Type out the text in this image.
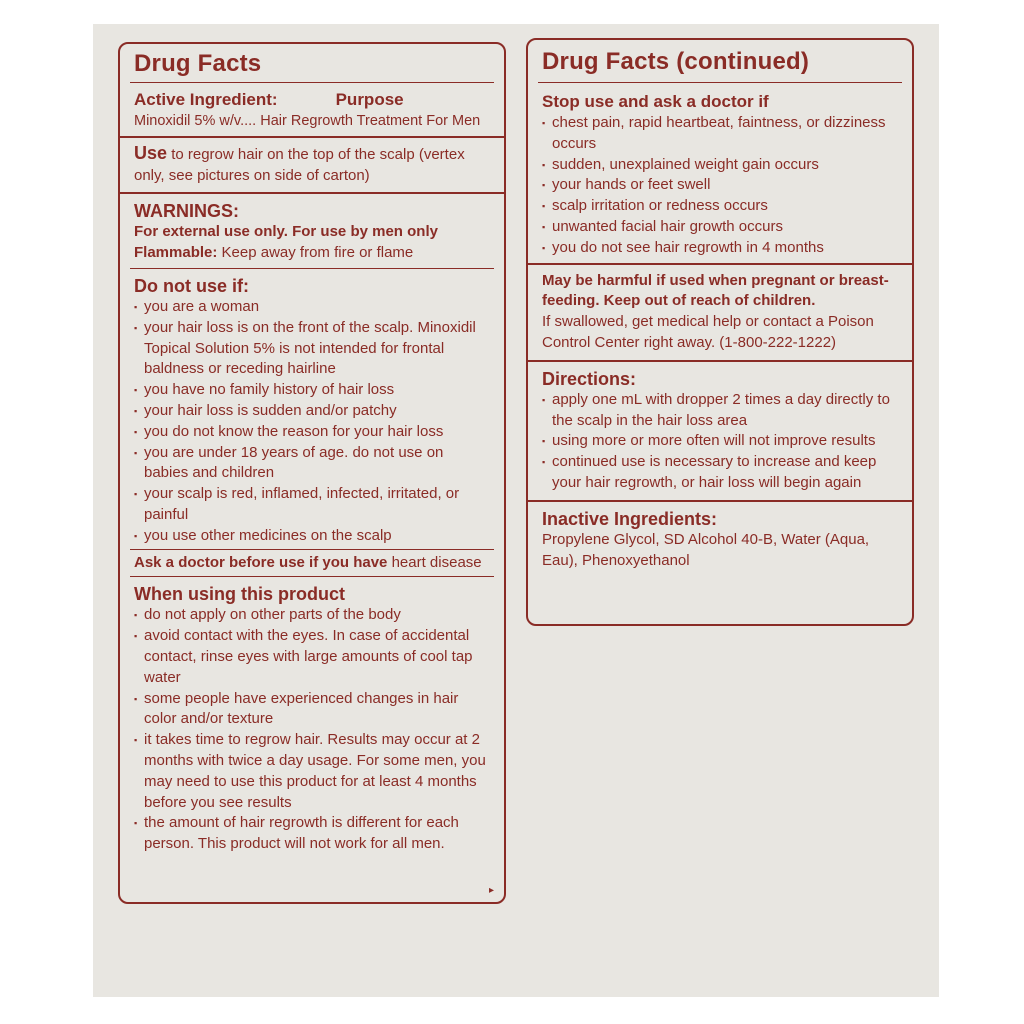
Drug Facts
Active Ingredient:	Purpose
Minoxidil 5% w/v.... Hair Regrowth Treatment For Men
Use to regrow hair on the top of the scalp (vertex only, see pictures on side of carton)
WARNINGS:
For external use only. For use by men only
Flammable: Keep away from fire or flame
Do not use if:
▪ you are a woman
▪ your hair loss is on the front of the scalp. Minoxidil Topical Solution 5% is not intended for frontal baldness or receding hairline
▪ you have no family history of hair loss
▪ your hair loss is sudden and/or patchy
▪ you do not know the reason for your hair loss
▪ you are under 18 years of age. do not use on babies and children
▪ your scalp is red, inflamed, infected, irritated, or painful
▪ you use other medicines on the scalp
Ask a doctor before use if you have heart disease
When using this product
▪ do not apply on other parts of the body
▪ avoid contact with the eyes. In case of accidental contact, rinse eyes with large amounts of cool tap water
▪ some people have experienced changes in hair color and/or texture
▪ it takes time to regrow hair. Results may occur at 2 months with twice a day usage. For some men, you may need to use this product for at least 4 months before you see results
▪ the amount of hair regrowth is different for each person. This product will not work for all men.
▸
Drug Facts (continued)
Stop use and ask a doctor if
▪ chest pain, rapid heartbeat, faintness, or dizziness occurs
▪ sudden, unexplained weight gain occurs
▪ your hands or feet swell
▪ scalp irritation or redness occurs
▪ unwanted facial hair growth occurs
▪ you do not see hair regrowth in 4 months
May be harmful if used when pregnant or breast-feeding. Keep out of reach of children.
If swallowed, get medical help or contact a Poison Control Center right away. (1-800-222-1222)
Directions:
▪ apply one mL with dropper 2 times a day directly to the scalp in the hair loss area
▪ using more or more often will not improve results
▪ continued use is necessary to increase and keep your hair regrowth, or hair loss will begin again
Inactive Ingredients:
Propylene Glycol, SD Alcohol 40-B, Water (Aqua, Eau), Phenoxyethanol
